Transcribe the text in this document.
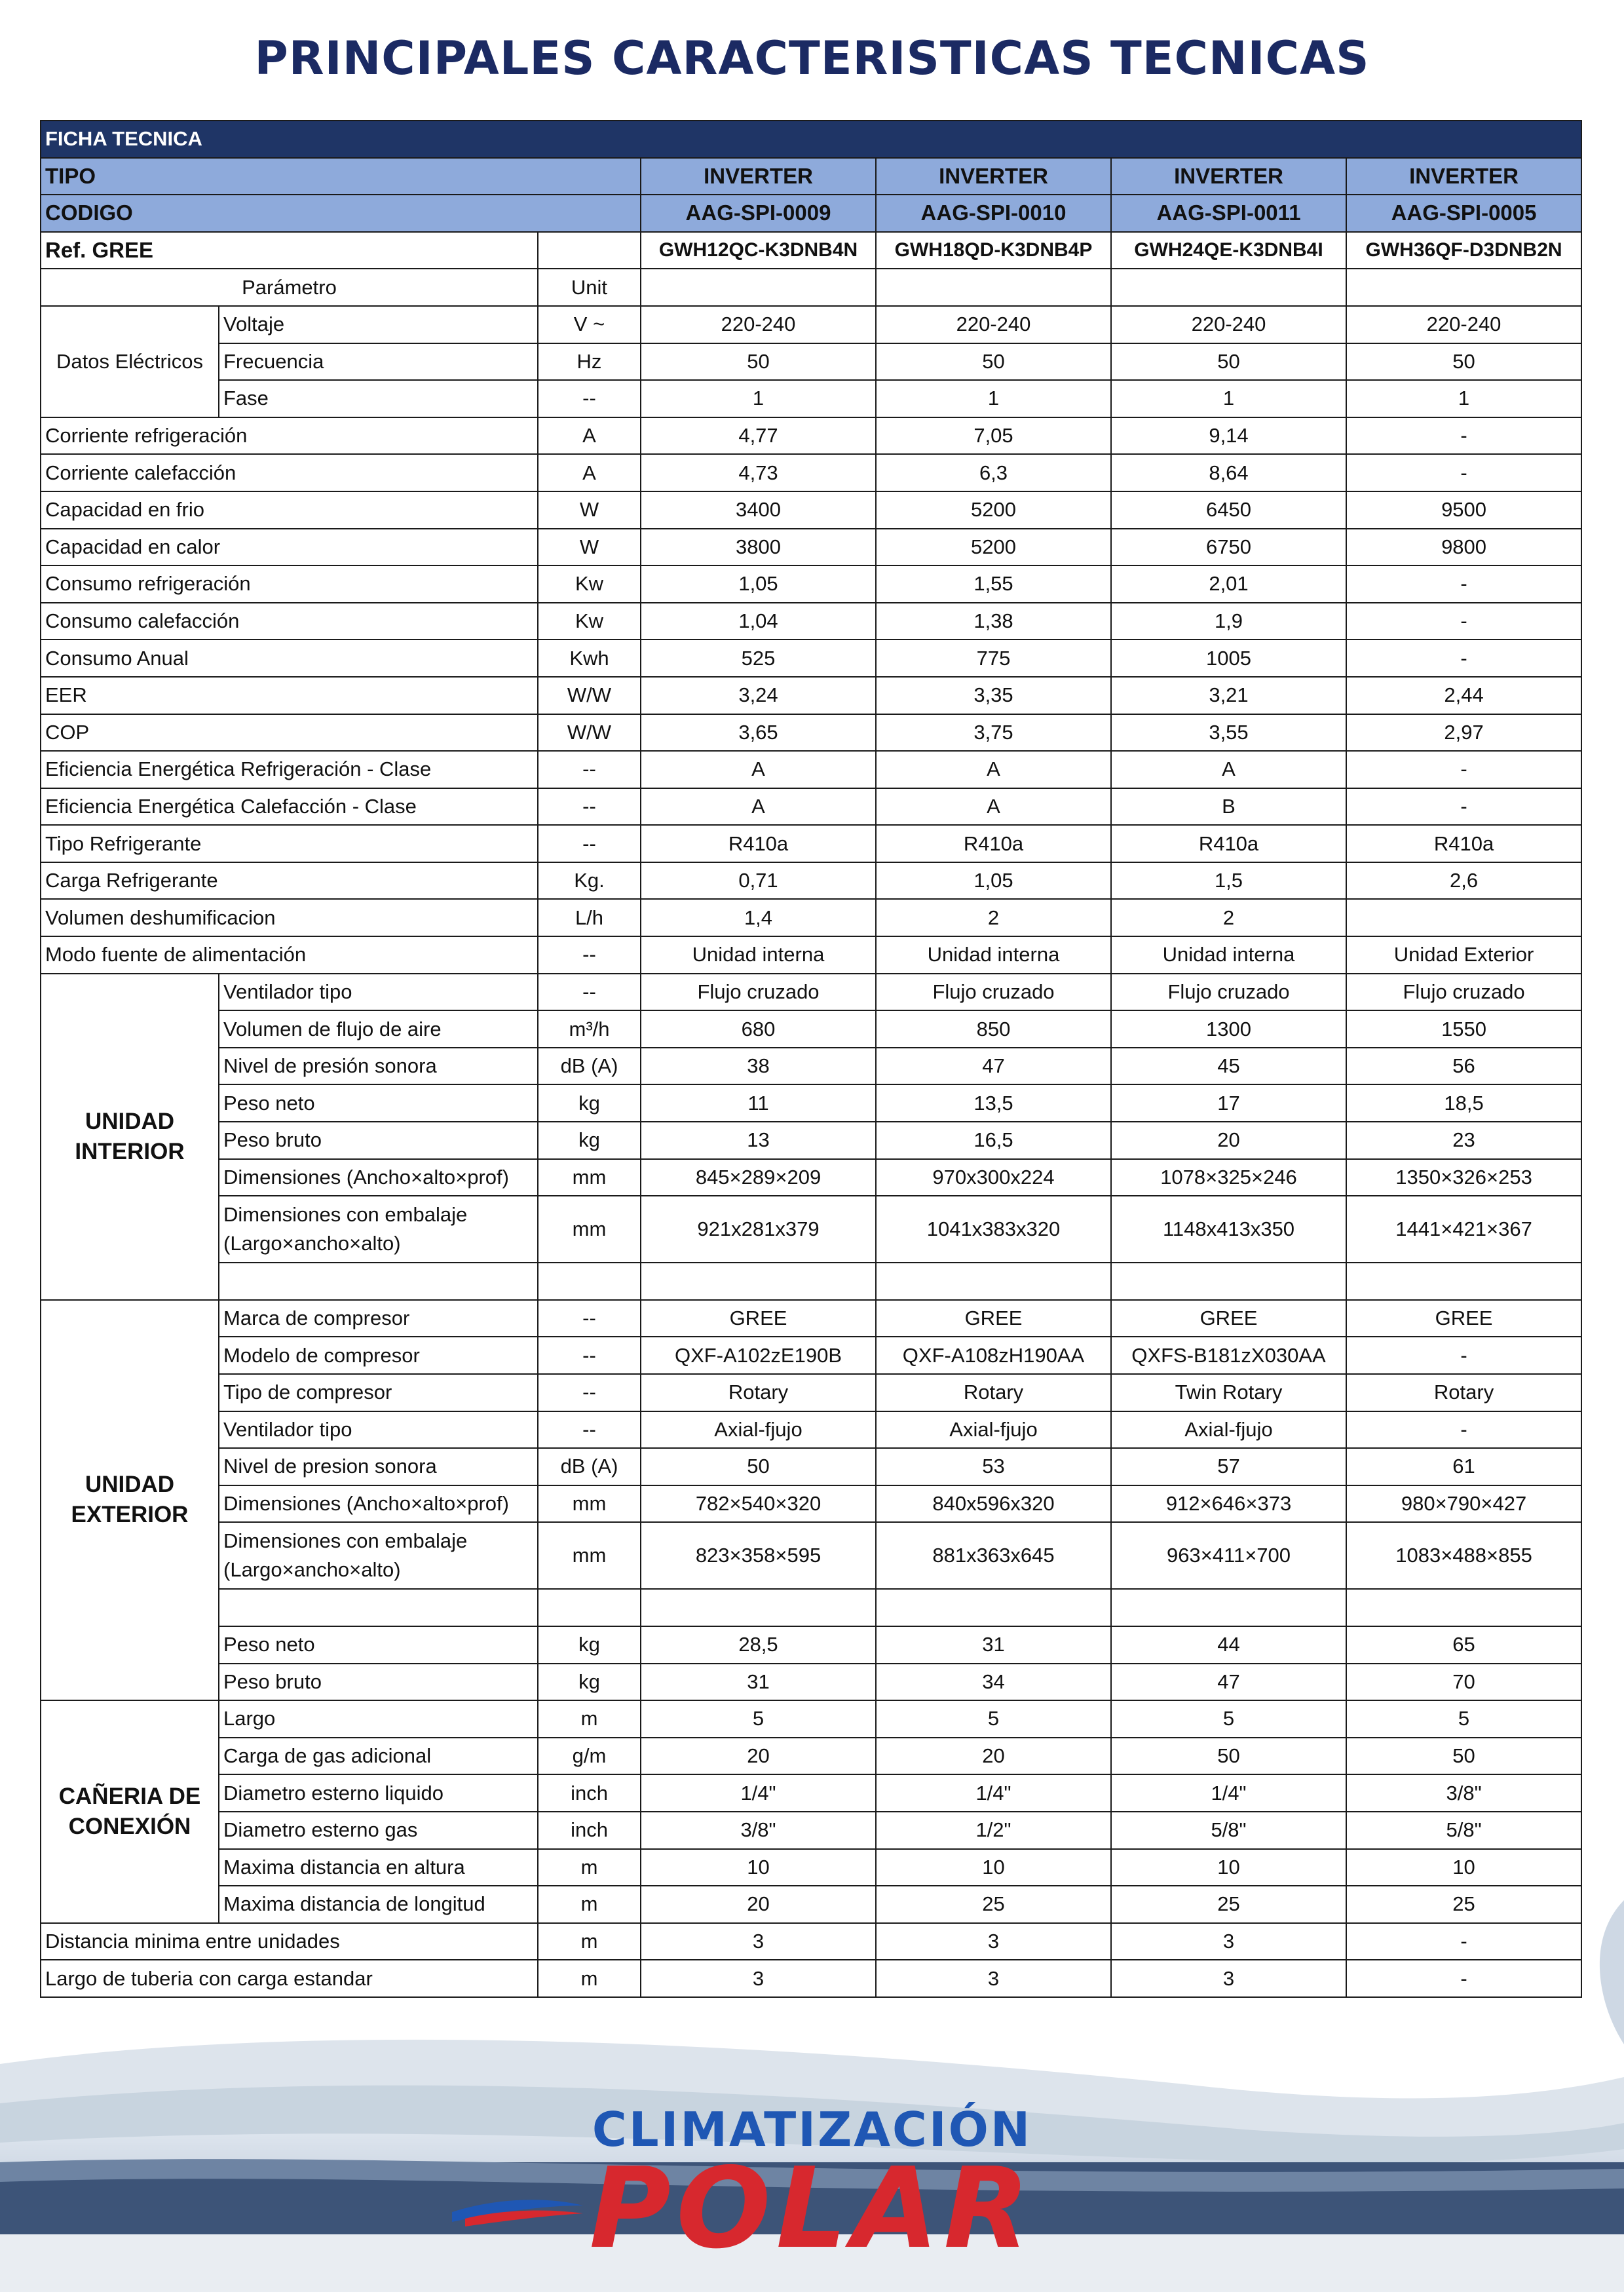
PRINCIPALES CARACTERISTICAS TECNICAS
FICHA TECNICA						
TIPO			INVERTER	INVERTER	INVERTER	INVERTER
CODIGO			AAG-SPI-0009	AAG-SPI-0010	AAG-SPI-0011	AAG-SPI-0005
Ref. GREE			GWH12QC-K3DNB4N	GWH18QD-K3DNB4P	GWH24QE-K3DNB4I	GWH36QF-D3DNB2N
Parámetro		Unit				
Datos Eléctricos	Voltaje	V ~	220-240	220-240	220-240	220-240
	Frecuencia	Hz	50	50	50	50
	Fase	--	1	1	1	1
Corriente refrigeración		A	4,77	7,05	9,14	-
Corriente calefacción		A	4,73	6,3	8,64	-
Capacidad en frio		W	3400	5200	6450	9500
Capacidad en calor		W	3800	5200	6750	9800
Consumo refrigeración		Kw	1,05	1,55	2,01	-
Consumo calefacción		Kw	1,04	1,38	1,9	-
Consumo Anual		Kwh	525	775	1005	-
EER		W/W	3,24	3,35	3,21	2,44
COP		W/W	3,65	3,75	3,55	2,97
Eficiencia Energética Refrigeración - Clase		--	A	A	A	-
Eficiencia Energética Calefacción - Clase		--	A	A	B	-
Tipo Refrigerante		--	R410a	R410a	R410a	R410a
Carga Refrigerante		Kg.	0,71	1,05	1,5	2,6
Volumen deshumificacion		L/h	1,4	2	2	
Modo fuente de alimentación		--	Unidad interna	Unidad interna	Unidad interna	Unidad Exterior
UNIDAD INTERIOR	Ventilador tipo	--	Flujo cruzado	Flujo cruzado	Flujo cruzado	Flujo cruzado
	Volumen de flujo de aire	m³/h	680	850	1300	1550
	Nivel de presión sonora	dB (A)	38	47	45	56
	Peso neto	kg	11	13,5	17	18,5
	Peso bruto	kg	13	16,5	20	23
	Dimensiones (Ancho×alto×prof)	mm	845×289×209	970x300x224	1078×325×246	1350×326×253
	Dimensiones con embalaje (Largo×ancho×alto)	mm	921x281x379	1041x383x320	1148x413x350	1441×421×367

UNIDAD EXTERIOR	Marca de compresor	--	GREE	GREE	GREE	GREE
	Modelo de compresor	--	QXF-A102zE190B	QXF-A108zH190AA	QXFS-B181zX030AA	-
	Tipo de compresor	--	Rotary	Rotary	Twin Rotary	Rotary
	Ventilador tipo	--	Axial-fjujo	Axial-fjujo	Axial-fjujo	-
	Nivel de presion sonora	dB (A)	50	53	57	61
	Dimensiones (Ancho×alto×prof)	mm	782×540×320	840x596x320	912×646×373	980×790×427
	Dimensiones con embalaje (Largo×ancho×alto)	mm	823×358×595	881x363x645	963×411×700	1083×488×855

	Peso neto	kg	28,5	31	44	65
	Peso bruto	kg	31	34	47	70
CAÑERIA DE CONEXIÓN	Largo	m	5	5	5	5
	Carga de gas adicional	g/m	20	20	50	50
	Diametro esterno liquido	inch	1/4"	1/4"	1/4"	3/8"
	Diametro esterno gas	inch	3/8"	1/2"	5/8"	5/8"
	Maxima distancia en altura	m	10	10	10	10
	Maxima distancia de longitud	m	20	25	25	25
Distancia minima entre unidades		m	3	3	3	-
Largo de tuberia con carga estandar		m	3	3	3	-
CLIMATIZACIÓN
POLAR
